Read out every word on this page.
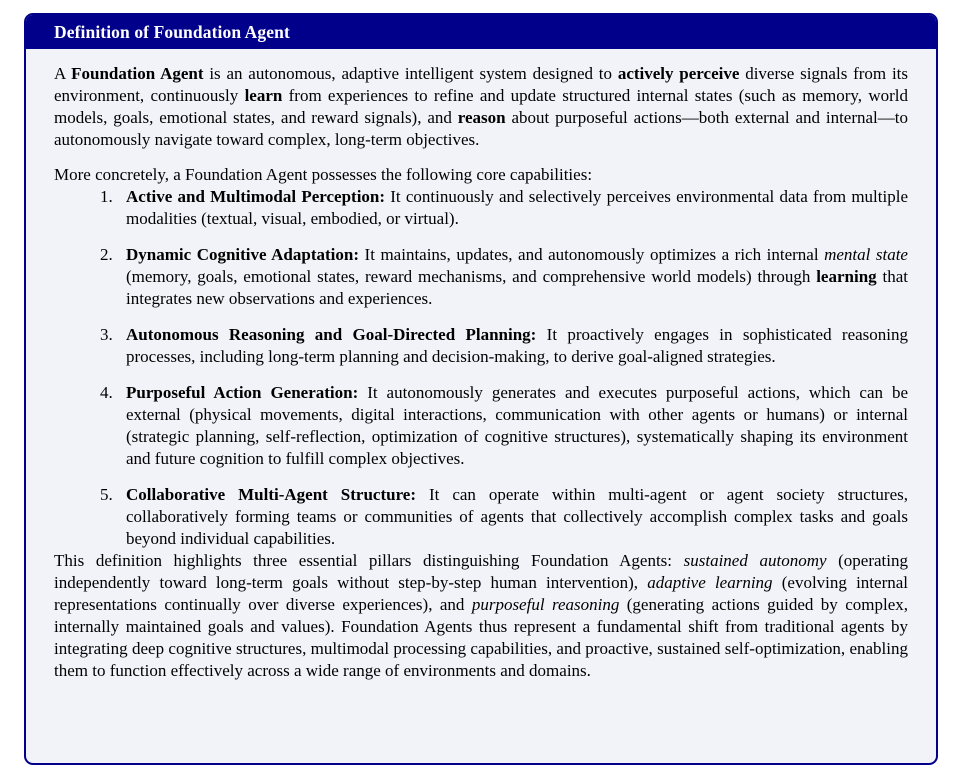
Definition of Foundation Agent

A Foundation Agent is an autonomous, adaptive intelligent system designed to actively perceive diverse signals from its environment, continuously learn from experiences to refine and update structured internal states (such as memory, world models, goals, emotional states, and reward signals), and reason about purposeful actions—both external and internal—to autonomously navigate toward complex, long-term objectives.

More concretely, a Foundation Agent possesses the following core capabilities:

1. Active and Multimodal Perception: It continuously and selectively perceives environmental data from multiple modalities (textual, visual, embodied, or virtual).
2. Dynamic Cognitive Adaptation: It maintains, updates, and autonomously optimizes a rich internal mental state (memory, goals, emotional states, reward mechanisms, and comprehensive world models) through learning that integrates new observations and experiences.
3. Autonomous Reasoning and Goal-Directed Planning: It proactively engages in sophisticated reasoning processes, including long-term planning and decision-making, to derive goal-aligned strategies.
4. Purposeful Action Generation: It autonomously generates and executes purposeful actions, which can be external (physical movements, digital interactions, communication with other agents or humans) or internal (strategic planning, self-reflection, optimization of cognitive structures), systematically shaping its environment and future cognition to fulfill complex objectives.
5. Collaborative Multi-Agent Structure: It can operate within multi-agent or agent society structures, collaboratively forming teams or communities of agents that collectively accomplish complex tasks and goals beyond individual capabilities.

This definition highlights three essential pillars distinguishing Foundation Agents: sustained autonomy (operating independently toward long-term goals without step-by-step human intervention), adaptive learning (evolving internal representations continually over diverse experiences), and purposeful reasoning (generating actions guided by complex, internally maintained goals and values). Foundation Agents thus represent a fundamental shift from traditional agents by integrating deep cognitive structures, multimodal processing capabilities, and proactive, sustained self-optimization, enabling them to function effectively across a wide range of environments and domains.
